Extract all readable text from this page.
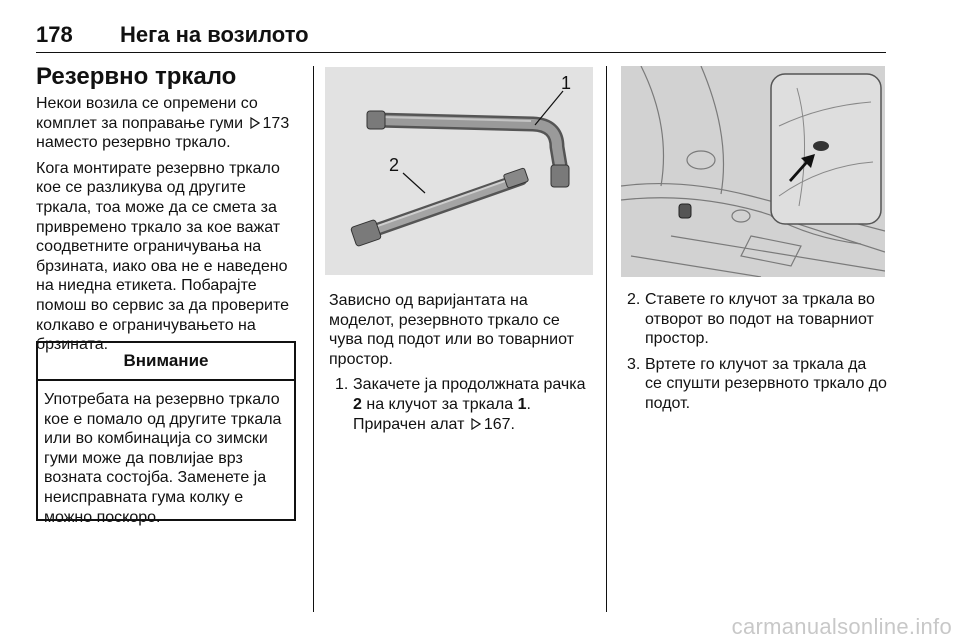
178 Нега на возилото
Резервно тркало

Некои возила се опремени со комплет за поправање гуми 173 наместо резервно тркало.

Кога монтирате резервно тркало кое се разликува од другите тркала, тоа може да се смета за привремено тркало за кое важат соодветните ограничувања на брзината, иако ова не е наведено на ниедна етикета. Побарајте помош во сервис за да проверите колкаво е ограничувањето на брзината.

Внимание
Употребата на резервно тркало кое е помало од другите тркала или во комбинација со зимски гуми може да повлијае врз возната состојба. Заменете ја неисправната гума колку е можно поскоро.
1
2

Зависно од варијантата на моделот, резервното тркало се чува под подот или во товарниот простор.

1. Закачете ја продолжната рачка 2 на клучот за тркала 1.
Прирачен алат 167.
2. Ставете го клучот за тркала во отворот во подот на товарниот простор.
3. Вртете го клучот за тркала да се спушти резервното тркало до подот.
carmanualsonline.info
